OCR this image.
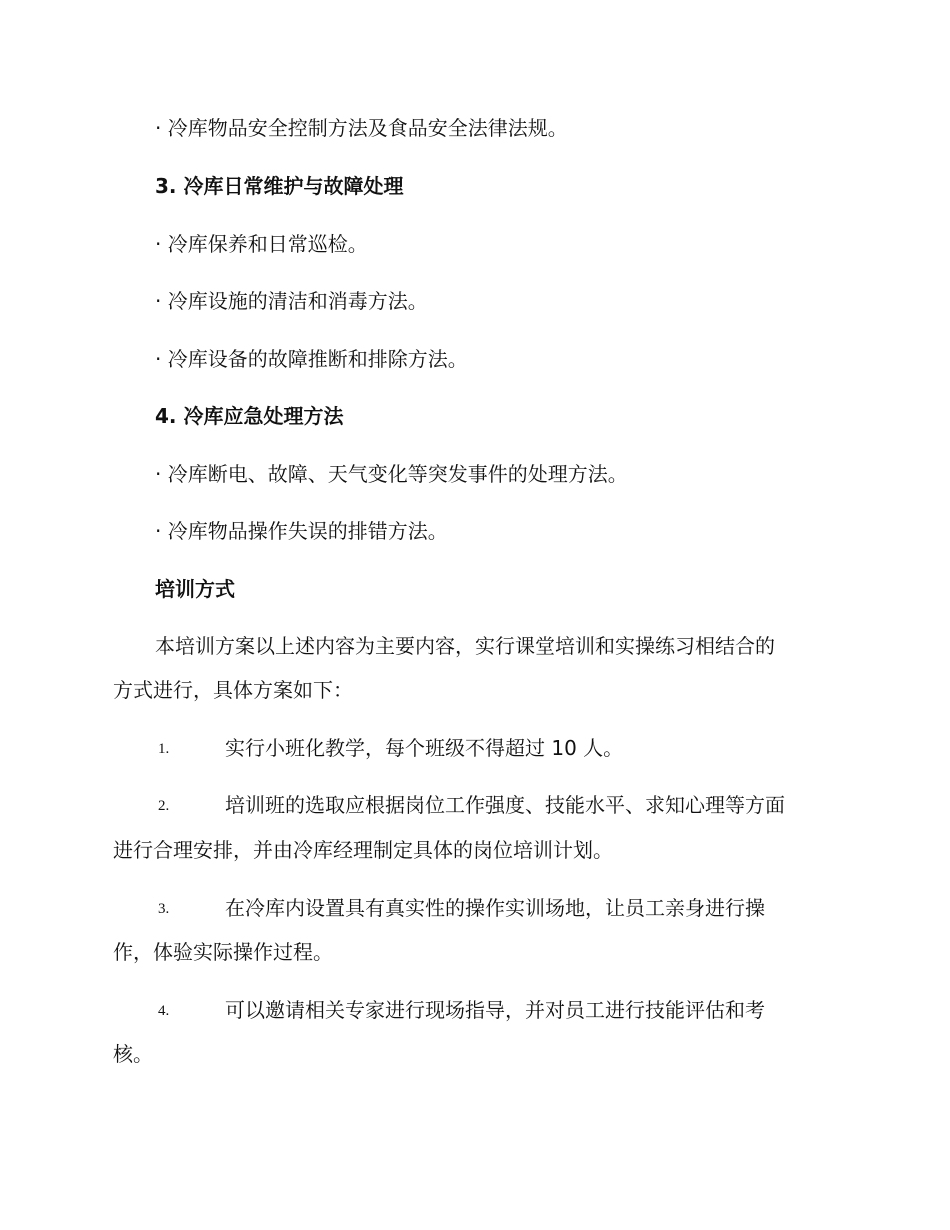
· 冷库物品安全控制方法及食品安全法律法规。
3. 冷库日常维护与故障处理
· 冷库保养和日常巡检。
· 冷库设施的清洁和消毒方法。
· 冷库设备的故障推断和排除方法。
4. 冷库应急处理方法
· 冷库断电、故障、天气变化等突发事件的处理方法。
· 冷库物品操作失误的排错方法。
培训方式
本培训方案以上述内容为主要内容，实行课堂培训和实操练习相结合的
方式进行，具体方案如下：
1.	实行小班化教学，每个班级不得超过 10 人。
2.	培训班的选取应根据岗位工作强度、技能水平、求知心理等方面
进行合理安排，并由冷库经理制定具体的岗位培训计划。
3.	在冷库内设置具有真实性的操作实训场地，让员工亲身进行操
作，体验实际操作过程。
4.	可以邀请相关专家进行现场指导，并对员工进行技能评估和考
核。
